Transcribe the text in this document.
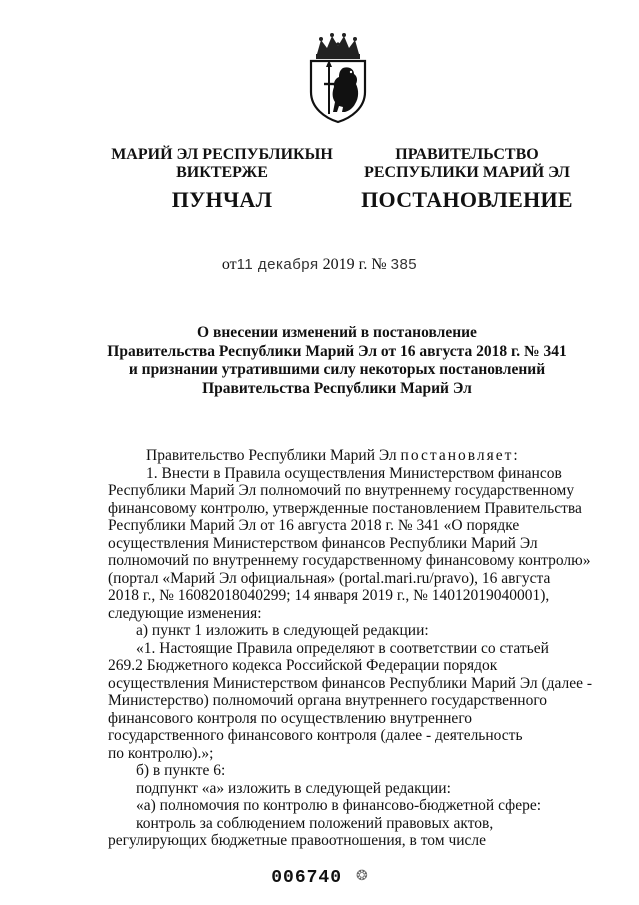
МАРИЙ ЭЛ РЕСПУБЛИКЫН
ВИКТЕРЖЕ
ПУНЧАЛ
ПРАВИТЕЛЬСТВО
РЕСПУБЛИКИ МАРИЙ ЭЛ
ПОСТАНОВЛЕНИЕ
от11 декабря 2019 г. № 385
О внесении изменений в постановление
Правительства Республики Марий Эл от 16 августа 2018 г. № 341
и признании утратившими силу некоторых постановлений
Правительства Республики Марий Эл
Правительство Республики Марий Эл постановляет:
1. Внести в Правила осуществления Министерством финансов
Республики Марий Эл полномочий по внутреннему государственному
финансовому контролю, утвержденные постановлением Правительства
Республики Марий Эл от 16 августа 2018 г. № 341 «О порядке
осуществления Министерством финансов Республики Марий Эл
полномочий по внутреннему государственному финансовому контролю»
(портал «Марий Эл официальная» (portal.mari.ru/pravo), 16 августа
2018 г., № 16082018040299; 14 января 2019 г., № 14012019040001),
следующие изменения:
а) пункт 1 изложить в следующей редакции:
«1. Настоящие Правила определяют в соответствии со статьей
269.2 Бюджетного кодекса Российской Федерации порядок
осуществления Министерством финансов Республики Марий Эл (далее -
Министерство) полномочий органа внутреннего государственного
финансового контроля по осуществлению внутреннего
государственного финансового контроля (далее - деятельность
по контролю).»;
б) в пункте 6:
подпункт «а» изложить в следующей редакции:
«а) полномочия по контролю в финансово-бюджетной сфере:
контроль за соблюдением положений правовых актов,
регулирующих бюджетные правоотношения, в том числе
006740 ❂
